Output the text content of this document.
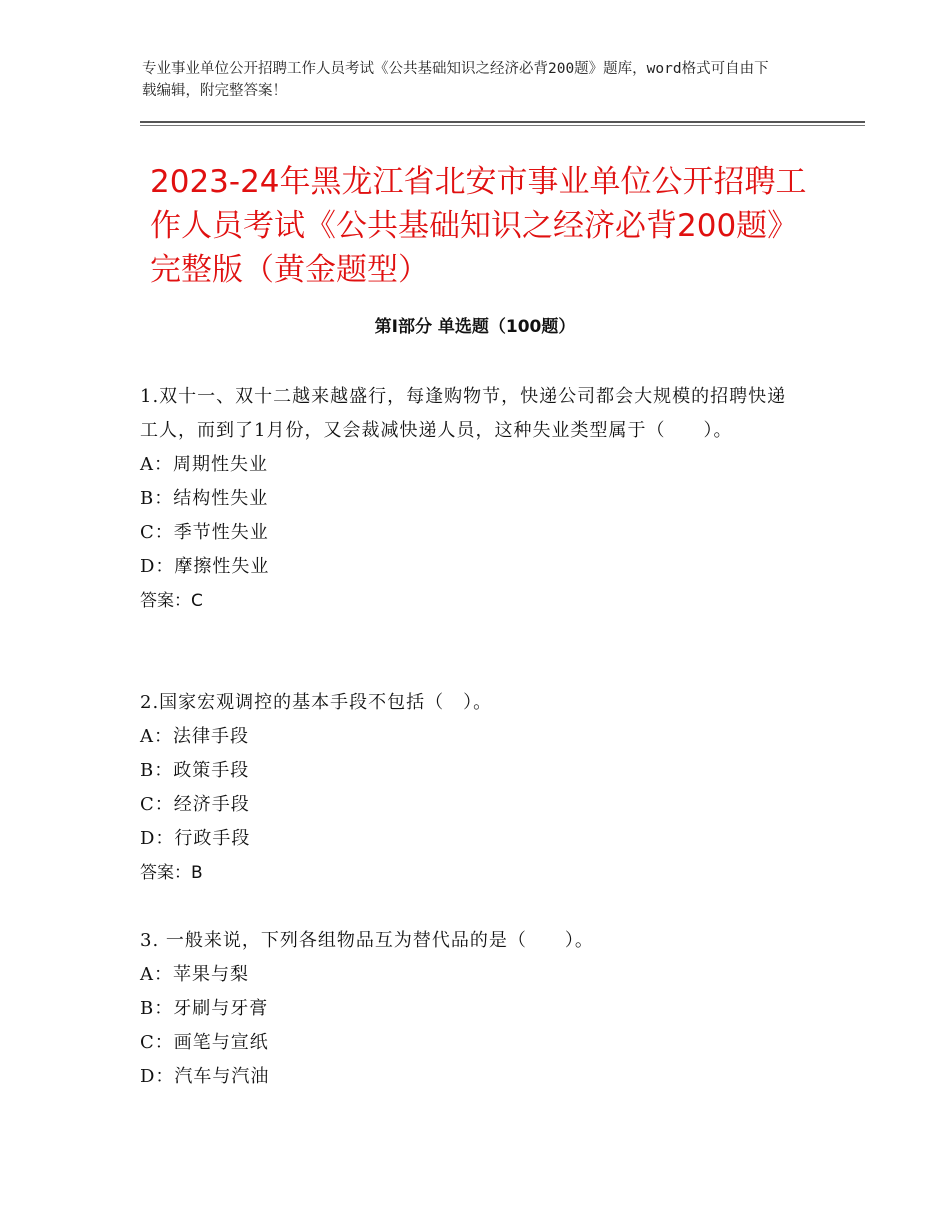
专业事业单位公开招聘工作人员考试《公共基础知识之经济必背200题》题库，word格式可自由下载编辑，附完整答案！
2023-24年黑龙江省北安市事业单位公开招聘工作人员考试《公共基础知识之经济必背200题》完整版（黄金题型）
第Ⅰ部分 单选题（100题）
1.双十一、双十二越来越盛行，每逢购物节，快递公司都会大规模的招聘快递工人，而到了1月份，又会裁减快递人员，这种失业类型属于（　　）。
A：周期性失业
B：结构性失业
C：季节性失业
D：摩擦性失业
答案：C
2.国家宏观调控的基本手段不包括（　）。
A：法律手段
B：政策手段
C：经济手段
D：行政手段
答案：B
3. 一般来说，下列各组物品互为替代品的是（　　）。
A：苹果与梨
B：牙刷与牙膏
C：画笔与宣纸
D：汽车与汽油
